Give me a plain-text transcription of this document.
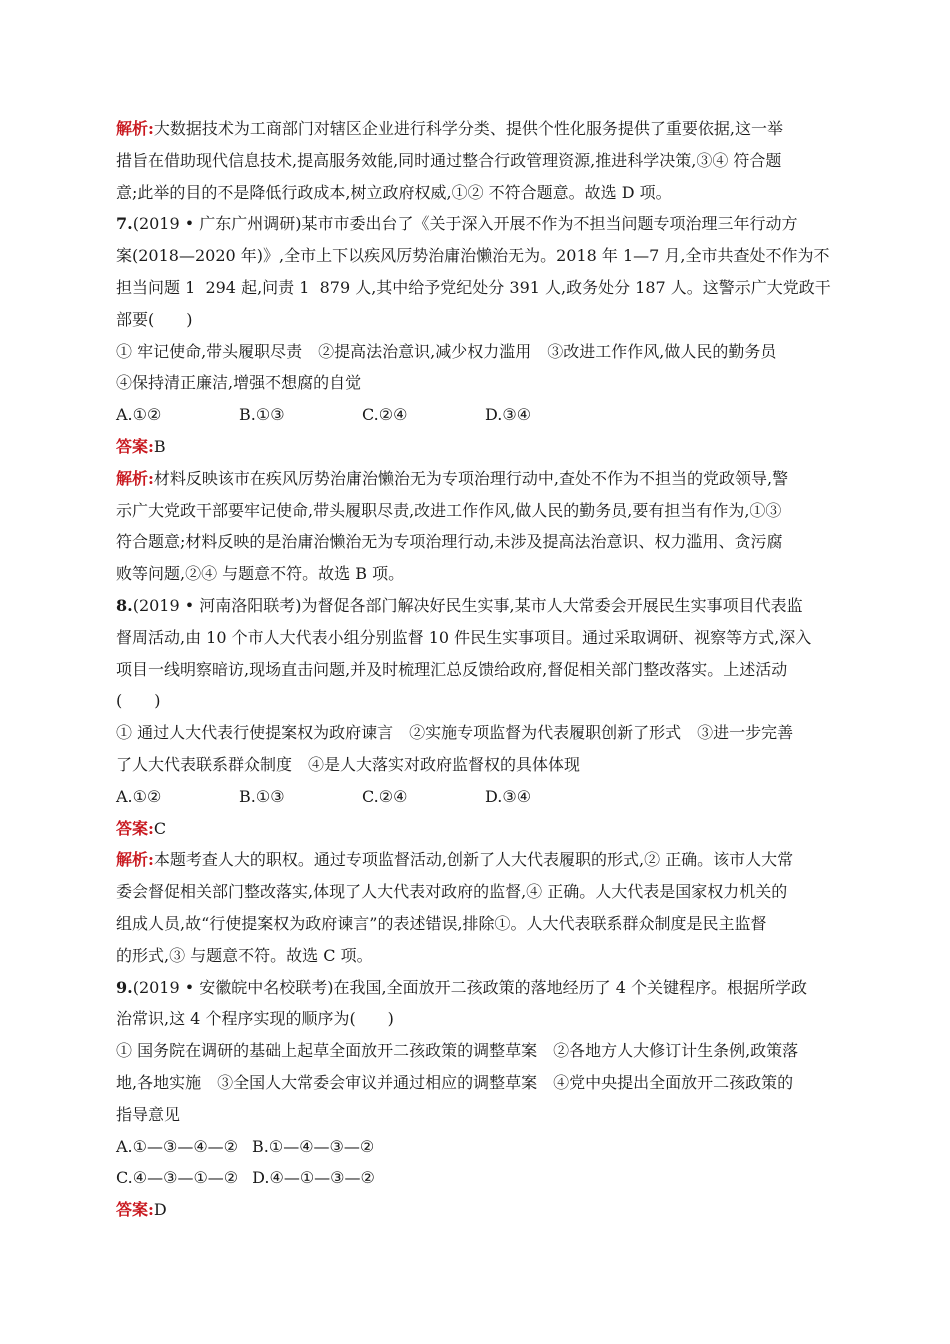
解析:大数据技术为工商部门对辖区企业进行科学分类、提供个性化服务提供了重要依据,这一举
措旨在借助现代信息技术,提高服务效能,同时通过整合行政管理资源,推进科学决策,③④ 符合题
意;此举的目的不是降低行政成本,树立政府权威,①② 不符合题意。故选 D 项。
7.(2019 • 广东广州调研)某市市委出台了《关于深入开展不作为不担当问题专项治理三年行动方
案(2018—2020 年)》,全市上下以疾风厉势治庸治懒治无为。2018 年 1—7 月,全市共查处不作为不
担当问题 1  294 起,问责 1  879 人,其中给予党纪处分 391 人,政务处分 187 人。这警示广大党政干
部要(　　)
① 牢记使命,带头履职尽责　②提高法治意识,减少权力滥用　③改进工作作风,做人民的勤务员
④保持清正廉洁,增强不想腐的自觉
A.①②	B.①③	C.②④	D.③④
答案:B
解析:材料反映该市在疾风厉势治庸治懒治无为专项治理行动中,查处不作为不担当的党政领导,警
示广大党政干部要牢记使命,带头履职尽责,改进工作作风,做人民的勤务员,要有担当有作为,①③
符合题意;材料反映的是治庸治懒治无为专项治理行动,未涉及提高法治意识、权力滥用、贪污腐
败等问题,②④ 与题意不符。故选 B 项。
8.(2019 • 河南洛阳联考)为督促各部门解决好民生实事,某市人大常委会开展民生实事项目代表监
督周活动,由 10 个市人大代表小组分别监督 10 件民生实事项目。通过采取调研、视察等方式,深入
项目一线明察暗访,现场直击问题,并及时梳理汇总反馈给政府,督促相关部门整改落实。上述活动
(　　)
① 通过人大代表行使提案权为政府谏言　②实施专项监督为代表履职创新了形式　③进一步完善
了人大代表联系群众制度　④是人大落实对政府监督权的具体体现
A.①②	B.①③	C.②④	D.③④
答案:C
解析:本题考查人大的职权。通过专项监督活动,创新了人大代表履职的形式,② 正确。该市人大常
委会督促相关部门整改落实,体现了人大代表对政府的监督,④ 正确。人大代表是国家权力机关的
组成人员,故“行使提案权为政府谏言”的表述错误,排除①。人大代表联系群众制度是民主监督
的形式,③ 与题意不符。故选 C 项。
9.(2019 • 安徽皖中名校联考)在我国,全面放开二孩政策的落地经历了 4 个关键程序。根据所学政
治常识,这 4 个程序实现的顺序为(　　)
① 国务院在调研的基础上起草全面放开二孩政策的调整草案　②各地方人大修订计生条例,政策落
地,各地实施　③全国人大常委会审议并通过相应的调整草案　④党中央提出全面放开二孩政策的
指导意见
A.①—③—④—② B.①—④—③—②
C.④—③—①—② D.④—①—③—②
答案:D
